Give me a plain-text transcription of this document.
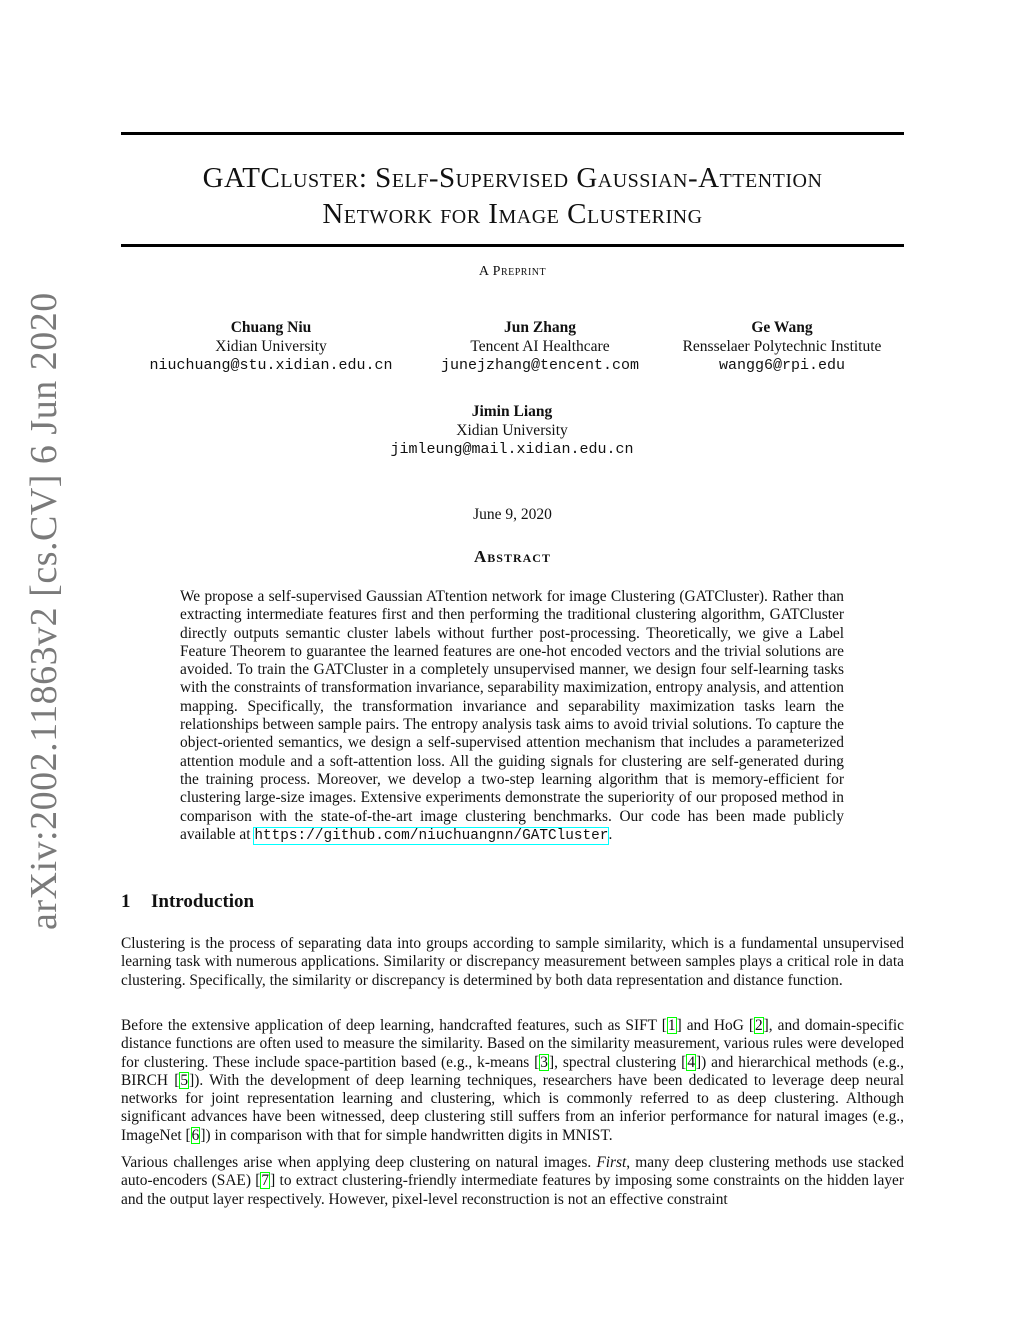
arXiv:2002.11863v2 [cs.CV] 6 Jun 2020
GATCluster: Self-Supervised Gaussian-Attention
Network for Image Clustering
A Preprint
Chuang Niu
Xidian University
niuchuang@stu.xidian.edu.cn
Jun Zhang
Tencent AI Healthcare
junejzhang@tencent.com
Ge Wang
Rensselaer Polytechnic Institute
wangg6@rpi.edu
Jimin Liang
Xidian University
jimleung@mail.xidian.edu.cn
June 9, 2020
Abstract
We propose a self-supervised Gaussian ATtention network for image Clustering (GATCluster). Rather than extracting intermediate features first and then performing the traditional clustering algorithm, GATCluster directly outputs semantic cluster labels without further post-processing. Theoretically, we give a Label Feature Theorem to guarantee the learned features are one-hot encoded vectors and the trivial solutions are avoided. To train the GATCluster in a completely unsupervised manner, we design four self-learning tasks with the constraints of transformation invariance, separability maximization, entropy analysis, and attention mapping. Specifically, the transformation invariance and separability maximization tasks learn the relationships between sample pairs. The entropy analysis task aims to avoid trivial solutions. To capture the object-oriented semantics, we design a self-supervised attention mechanism that includes a parameterized attention module and a soft-attention loss. All the guiding signals for clustering are self-generated during the training process. Moreover, we develop a two-step learning algorithm that is memory-efficient for clustering large-size images. Extensive experiments demonstrate the superiority of our proposed method in comparison with the state-of-the-art image clustering benchmarks. Our code has been made publicly available at https://github.com/niuchuangnn/GATCluster.
1 Introduction

Clustering is the process of separating data into groups according to sample similarity, which is a fundamental unsupervised learning task with numerous applications. Similarity or discrepancy measurement between samples plays a critical role in data clustering. Specifically, the similarity or discrepancy is determined by both data representation and distance function.

Before the extensive application of deep learning, handcrafted features, such as SIFT [1] and HoG [2], and domain-specific distance functions are often used to measure the similarity. Based on the similarity measurement, various rules were developed for clustering. These include space-partition based (e.g., k-means [3], spectral clustering [4]) and hierarchical methods (e.g., BIRCH [5]). With the development of deep learning techniques, researchers have been dedicated to leverage deep neural networks for joint representation learning and clustering, which is commonly referred to as deep clustering. Although significant advances have been witnessed, deep clustering still suffers from an inferior performance for natural images (e.g., ImageNet [6]) in comparison with that for simple handwritten digits in MNIST.

Various challenges arise when applying deep clustering on natural images. First, many deep clustering methods use stacked auto-encoders (SAE) [7] to extract clustering-friendly intermediate features by imposing some constraints on the hidden layer and the output layer respectively. However, pixel-level reconstruction is not an effective constraint
